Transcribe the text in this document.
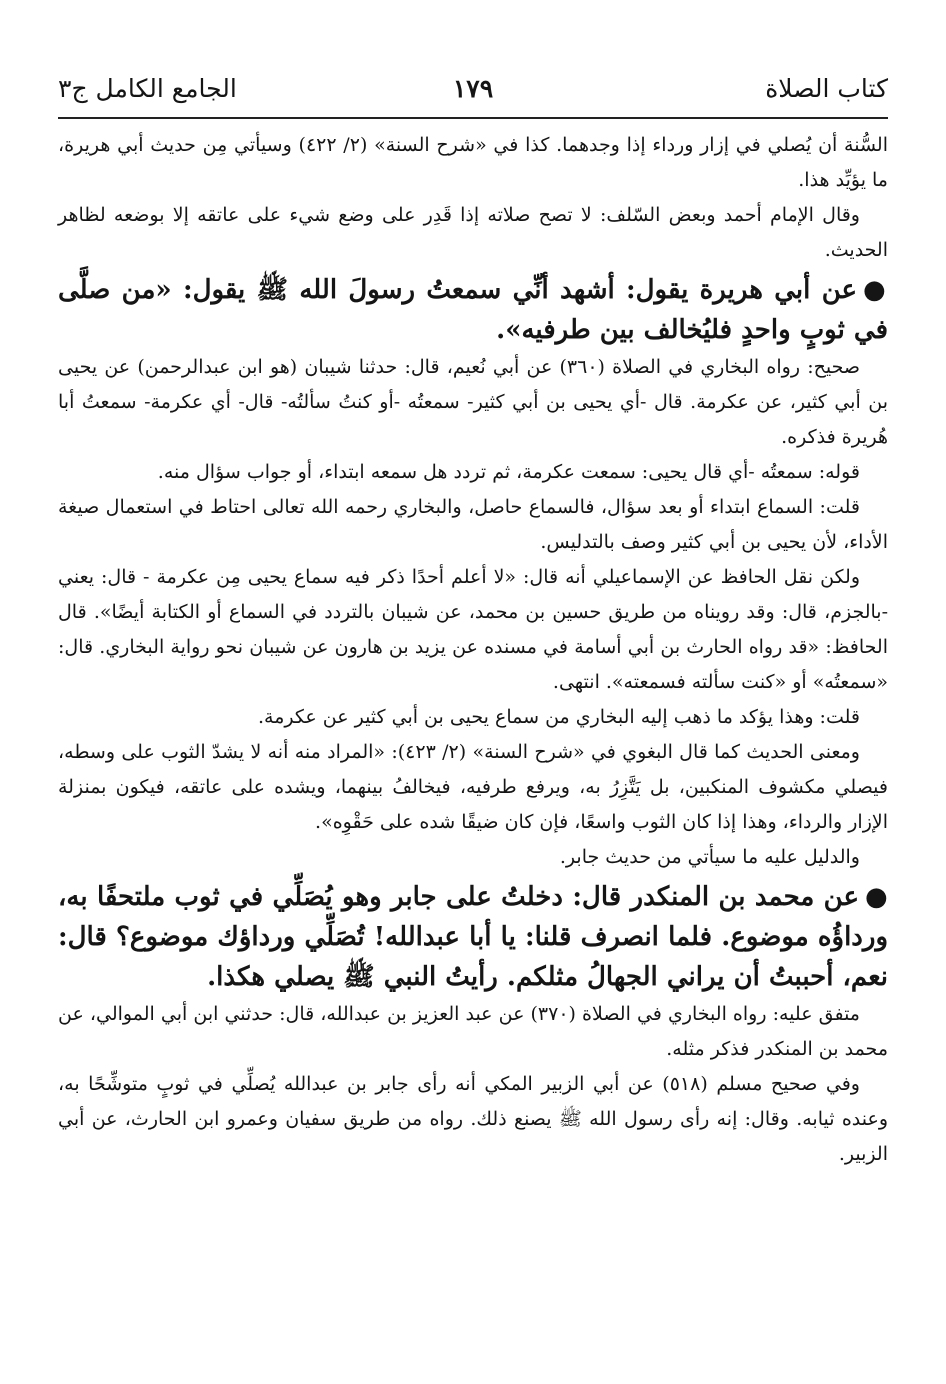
كتاب الصلاة
١٧٩
الجامع الكامل ج٣

السُّنة أن يُصلي في إزار ورداء إذا وجدهما. كذا في «شرح السنة» (٢/ ٤٢٢) وسيأتي مِن حديث أبي هريرة، ما يؤيِّد هذا.

وقال الإمام أحمد وبعض السّلف: لا تصح صلاته إذا قَدِر على وضع شيء على عاتقه إلا بوضعه لظاهر الحديث.

●عن أبي هريرة يقول: أشهد أنِّي سمعتُ رسولَ الله ﷺ يقول: «من صلَّى في ثوبٍ واحدٍ فليُخالف بين طرفيه».

صحيح: رواه البخاري في الصلاة (٣٦٠) عن أبي نُعيم، قال: حدثنا شيبان (هو ابن عبدالرحمن) عن يحيى بن أبي كثير، عن عكرمة. قال -أي يحيى بن أبي كثير- سمعتُه -أو كنتُ سألتُه- قال- أي عكرمة- سمعتُ أبا هُريرة فذكره.

قوله: سمعتُه -أي قال يحيى: سمعت عكرمة، ثم تردد هل سمعه ابتداء، أو جواب سؤال منه.

قلت: السماع ابتداء أو بعد سؤال، فالسماع حاصل، والبخاري رحمه الله تعالى احتاط في استعمال صيغة الأداء، لأن يحيى بن أبي كثير وصف بالتدليس.

ولكن نقل الحافظ عن الإسماعيلي أنه قال: «لا أعلم أحدًا ذكر فيه سماع يحيى مِن عكرمة - قال: يعني -بالجزم، قال: وقد رويناه من طريق حسين بن محمد، عن شيبان بالتردد في السماع أو الكتابة أيضًا». قال الحافظ: «قد رواه الحارث بن أبي أسامة في مسنده عن يزيد بن هارون عن شيبان نحو رواية البخاري. قال: «سمعتُه» أو «كنت سألته فسمعته». انتهى.

قلت: وهذا يؤكد ما ذهب إليه البخاري من سماع يحيى بن أبي كثير عن عكرمة.

ومعنى الحديث كما قال البغوي في «شرح السنة» (٢/ ٤٢٣): «المراد منه أنه لا يشدّ الثوب على وسطه، فيصلي مكشوف المنكبين، بل يَتَّزِرُ به، ويرفع طرفيه، فيخالفُ بينهما، ويشده على عاتقه، فيكون بمنزلة الإزار والرداء، وهذا إذا كان الثوب واسعًا، فإن كان ضيقًا شده على حَقْوِه».

والدليل عليه ما سيأتي من حديث جابر.

●عن محمد بن المنكدر قال: دخلتُ على جابر وهو يُصَلِّي في ثوب ملتحفًا به، ورداؤُه موضوع. فلما انصرف قلنا: يا أبا عبدالله! تُصَلِّي ورداؤك موضوع؟ قال: نعم، أحببتُ أن يراني الجهالُ مثلكم. رأيتُ النبي ﷺ يصلي هكذا.

متفق عليه: رواه البخاري في الصلاة (٣٧٠) عن عبد العزيز بن عبدالله، قال: حدثني ابن أبي الموالي، عن محمد بن المنكدر فذكر مثله.

وفي صحيح مسلم (٥١٨) عن أبي الزبير المكي أنه رأى جابر بن عبدالله يُصلِّي في ثوبٍ متوشِّحًا به، وعنده ثيابه. وقال: إنه رأى رسول الله ﷺ يصنع ذلك. رواه من طريق سفيان وعمرو ابن الحارث، عن أبي الزبير.
